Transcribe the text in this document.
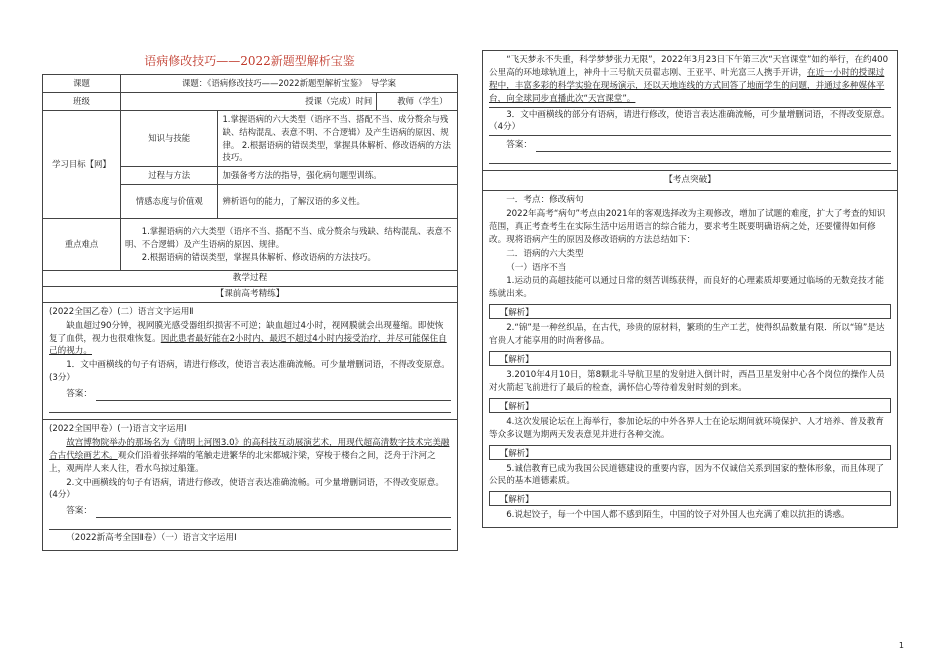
语病修改技巧——2022新题型解析宝鉴
课题	课题：《语病修改技巧——2022新题型解析宝鉴》　导学案		
班级	授课（完成）时间		教师（学生）
学习目标【网】	知识与技能	1.掌握语病的六大类型（语序不当、搭配不当、成分赘余与残缺、结构混乱、表意不明、不合逻辑）及产生语病的原因、规律。 2.根据语病的错误类型，掌握具体解析、修改语病的方法技巧。	
	过程与方法	加强备考方法的指导，强化病句题型训练。	
	情感态度与价值观	辨析语句的能力，了解汉语的多义性。	
重点难点	1.掌握语病的六大类型（语序不当、搭配不当、成分赘余与残缺、结构混乱、表意不明、不合逻辑）及产生语病的原因、规律。
2.根据语病的错误类型，掌握具体解析、修改语病的方法技巧。		
教学过程
【课前高考精练】
(2022全国乙卷）(二）语言文字运用Ⅱ
缺血超过90分钟，视网膜光感受器组织损害不可逆；缺血超过4小时，视网膜就会出现蔓缩。即使恢复了血供，视力也很难恢复。因此患者最好能在2小时内、最迟不超过4小时内接受治疗，并尽可能保住自己的视力。
1．文中画横线的句子有语病，请进行修改，使语言表达准确流畅。可少量增删词语，不得改变原意。(3分）
答案：
(2022全国甲卷）(一)语言文字运用Ⅰ
故宫博物院举办的那场名为《清明上河图3.0》的高科技互动展演艺术，用现代超高清数字技术完美融合古代绘画艺术。观众们沿着张择端的笔触走进繁华的北宋都城汴梁，穿梭于楼台之间，泛舟于汴河之上，观两岸人来人往，看水鸟掠过船篷。
2.文中画横线的句子有语病，请进行修改，使语言表达准确流畅。可少量增删词语，不得改变原意。(4分）
答案：
（2022新高考全国Ⅱ卷）（一）语言文字运用Ⅰ
“飞天梦永不失重，科学梦梦张力无限”，2022年3月23日下午第三次“天宫课堂”如约举行，在约400公里高的环地球轨道上，神舟十三号航天员翟志刚、王亚平、叶光富三人携手开讲，在近一小时的授课过程中，丰富多彩的科学实验在现场演示，还以天地连线的方式回答了地面学生的问题，并通过多种媒体平台，向全球同步直播此次“天宫课堂”。
3．文中画横线的部分有语病，请进行修改，使语言表达准确流畅，可少量增删词语，不得改变原意。（4分）
答案：
【考点突破】
一．考点：修改病句
2022年高考“病句”考点由2021年的客观选择改为主观修改，增加了试题的难度，扩大了考查的知识范围，真正考查考生在实际生活中运用语言的综合能力，要求考生既要明确语病之处，还要懂得如何修改。现将语病产生的原因及修改语病的方法总结如下：
二．语病的六大类型
（一）语序不当
1.运动员的高超技能可以通过日常的刻苦训练获得，而良好的心理素质却要通过临场的无数竞技才能练就出来。
【解析】
2.“锦”是一种丝织品，在古代，珍贵的原材料，繁琐的生产工艺，使得织品数量有限．所以“锦”是达官贵人才能享用的时尚奢侈品。
【解析】
3.2010年4月10日，第8颗北斗导航卫星的发射进入倒计时，西昌卫星发射中心各个岗位的操作人员对火箭起飞前进行了最后的检查，满怀信心等待着发射时刻的到来。
【解析】
4.这次发展论坛在上海举行，参加论坛的中外各界人士在论坛期间就环境保护、人才培养、普及教育等众多议题为期两天发表意见并进行各种交流。
【解析】
5.诚信教育已成为我国公民道德建设的重要内容，因为不仅诚信关系到国家的整体形象，而且体现了公民的基本道德素质。
【解析】
6.说起饺子，每一个中国人都不感到陌生，中国的饺子对外国人也充满了难以抗拒的诱惑。
1
